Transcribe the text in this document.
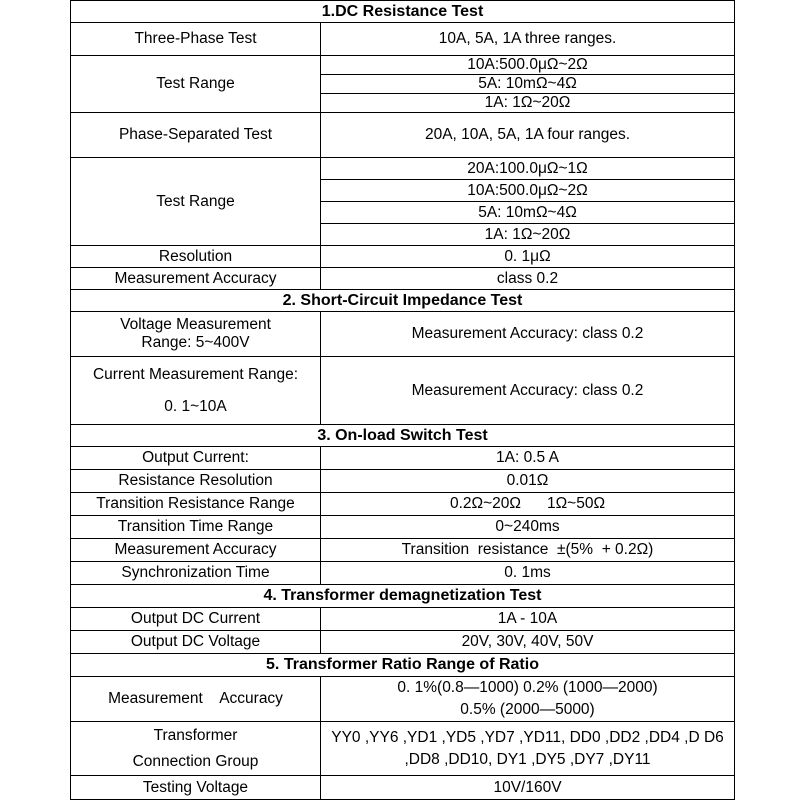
1.DC Resistance Test	
Three-Phase Test	10A, 5A, 1A three ranges.
Test Range	10A:500.0μΩ~2Ω
	5A: 10mΩ~4Ω
	1A: 1Ω~20Ω
Phase-Separated Test	20A, 10A, 5A, 1A four ranges.
Test Range	20A:100.0μΩ~1Ω
	10A:500.0μΩ~2Ω
	5A: 10mΩ~4Ω
	1A: 1Ω~20Ω
Resolution	0. 1μΩ
Measurement Accuracy	class 0.2
2. Short-Circuit Impedance Test	

Voltage Measurement
Range: 5~400V	Measurement Accuracy: class 0.2

Current Measurement Range:
0. 1~10A	Measurement Accuracy: class 0.2
3. On-load Switch Test	
Output Current:	1A: 0.5 A
Resistance Resolution	0.01Ω
Transition Resistance Range	0.2Ω~20Ω 1Ω~50Ω
Transition Time Range	0~240ms
Measurement Accuracy	Transition  resistance  ±(5%  + 0.2Ω)
Synchronization Time	0. 1ms
4. Transformer demagnetization Test	
Output DC Current	1A - 10A
Output DC Voltage	20V, 30V, 40V, 50V
5. Transformer Ratio Range of Ratio	
Measurement    Accuracy	0. 1%(0.8—1000) 0.2% (1000—2000)
0.5% (2000—5000)

Transformer
Connection Group	YY0 ,YY6 ,YD1 ,YD5 ,YD7 ,YD11, DD0 ,DD2 ,DD4 ,D D6 ,DD8 ,DD10, DY1 ,DY5 ,DY7 ,DY11
Testing Voltage	10V/160V
